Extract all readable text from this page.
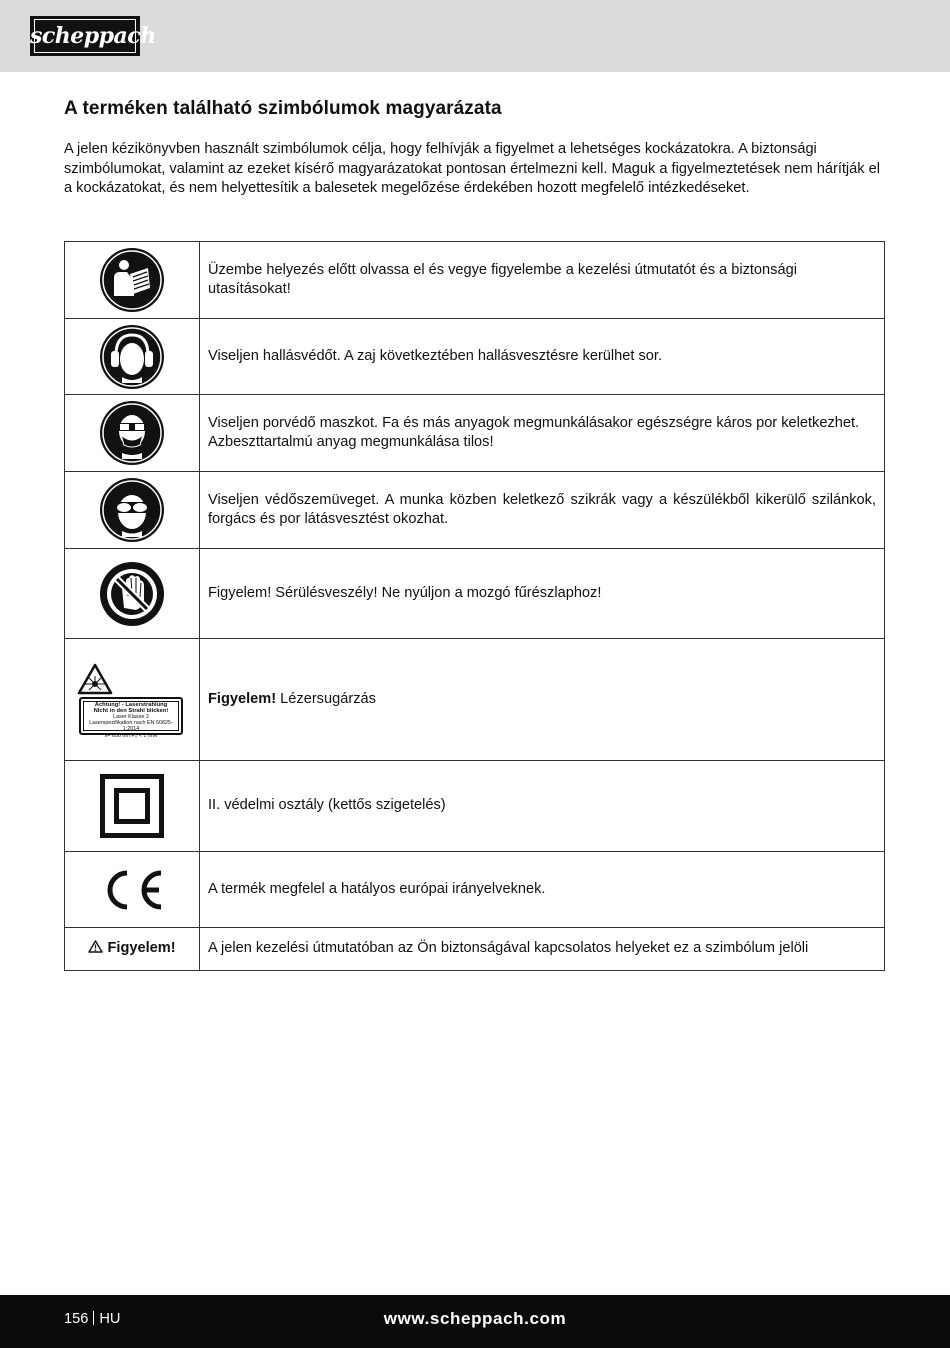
scheppach
A terméken található szimbólumok magyarázata

A jelen kézikönyvben használt szimbólumok célja, hogy felhívják a figyelmet a lehetséges kockázatokra. A biztonsági szimbólumokat, valamint az ezeket kísérő magyarázatokat pontosan értelmezni kell. Maguk a figyelmeztetések nem hárítják el a kockázatokat, és nem helyettesítik a balesetek megelőzése érdekében hozott megfelelő intézkedéseket.

	Üzembe helyezés előtt olvassa el és vegye figyelembe a kezelési útmutatót és a biztonsági utasításokat!

	Viseljen hallásvédőt. A zaj következtében hallásvesztésre kerülhet sor.

	Viseljen porvédő maszkot. Fa és más anyagok megmunkálásakor egészségre káros por keletkezhet. Azbeszttartalmú anyag megmunkálása tilos!

	Viseljen védőszemüveget. A munka közben keletkező szikrák vagy a készülékből kikerülő szilánkok, forgács és por látásvesztést okozhat.

	Figyelem! Sérülésveszély! Ne nyúljon a mozgó fűrészlaphoz!

Achtung! - Laserstrahlung
Nicht in den Strahl blicken!
Laser Klasse 2
Laserspezifikation nach EN 60825-1:2014
λ= 650 nm P₀ < 1 mW	Figyelem! Lézersugárzás
	II. védelmi osztály (kettős szigetelés)
	A termék megfelel a hatályos európai irányelveknek.
Figyelem!	A jelen kezelési útmutatóban az Ön biztonságával kapcsolatos helyeket ez a szimbólum jelöli
156 HU	www.scheppach.com
